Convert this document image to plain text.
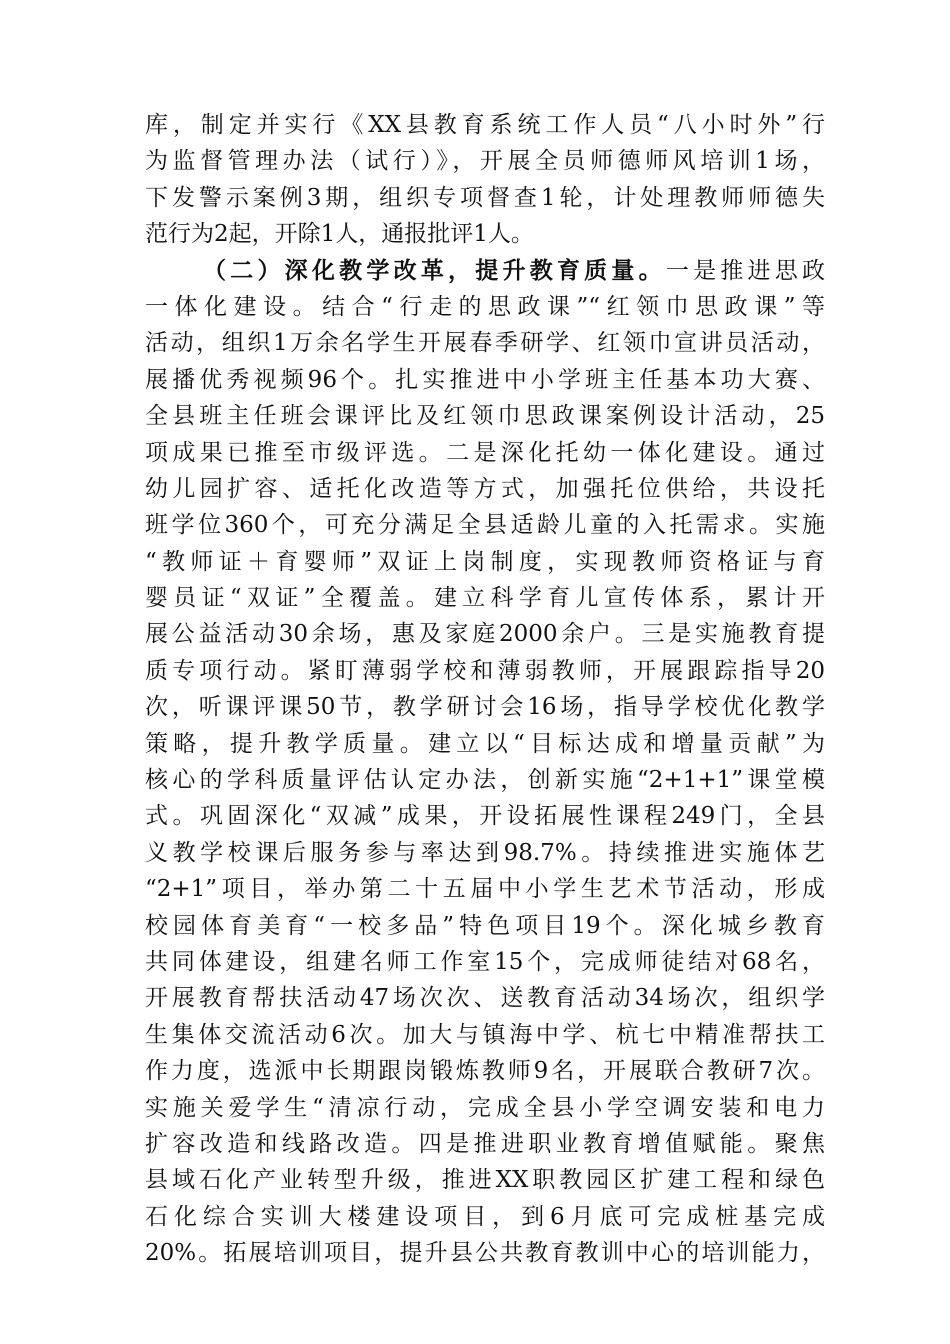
库，制定并实行《XX县教育系统工作人员“八小时外”行
为监督管理办法（试行）》，开展全员师德师风培训1场，
下发警示案例3期，组织专项督查1轮，计处理教师师德失
范行为2起，开除1人，通报批评1人。
（二）深化教学改革，提升教育质量。一是推进思政
一体化建设。结合“行走的思政课”“红领巾思政课”等
活动，组织1万余名学生开展春季研学、红领巾宣讲员活动，
展播优秀视频96个。扎实推进中小学班主任基本功大赛、
全县班主任班会课评比及红领巾思政课案例设计活动，25
项成果已推至市级评选。二是深化托幼一体化建设。通过
幼儿园扩容、适托化改造等方式，加强托位供给，共设托
班学位360个，可充分满足全县适龄儿童的入托需求。实施
“教师证＋育婴师”双证上岗制度，实现教师资格证与育
婴员证“双证”全覆盖。建立科学育儿宣传体系，累计开
展公益活动30余场，惠及家庭2000余户。三是实施教育提
质专项行动。紧盯薄弱学校和薄弱教师，开展跟踪指导20
次，听课评课50节，教学研讨会16场，指导学校优化教学
策略，提升教学质量。建立以“目标达成和增量贡献”为
核心的学科质量评估认定办法，创新实施“2+1+1”课堂模
式。巩固深化“双减”成果，开设拓展性课程249门，全县
义教学校课后服务参与率达到98.7%。持续推进实施体艺
“2+1”项目，举办第二十五届中小学生艺术节活动，形成
校园体育美育“一校多品”特色项目19个。深化城乡教育
共同体建设，组建名师工作室15个，完成师徒结对68名，
开展教育帮扶活动47场次次、送教育活动34场次，组织学
生集体交流活动6次。加大与镇海中学、杭七中精准帮扶工
作力度，选派中长期跟岗锻炼教师9名，开展联合教研7次。
实施关爱学生“清凉行动，完成全县小学空调安装和电力
扩容改造和线路改造。四是推进职业教育增值赋能。聚焦
县域石化产业转型升级，推进XX职教园区扩建工程和绿色
石化综合实训大楼建设项目，到6月底可完成桩基完成
20%。拓展培训项目，提升县公共教育教训中心的培训能力，
